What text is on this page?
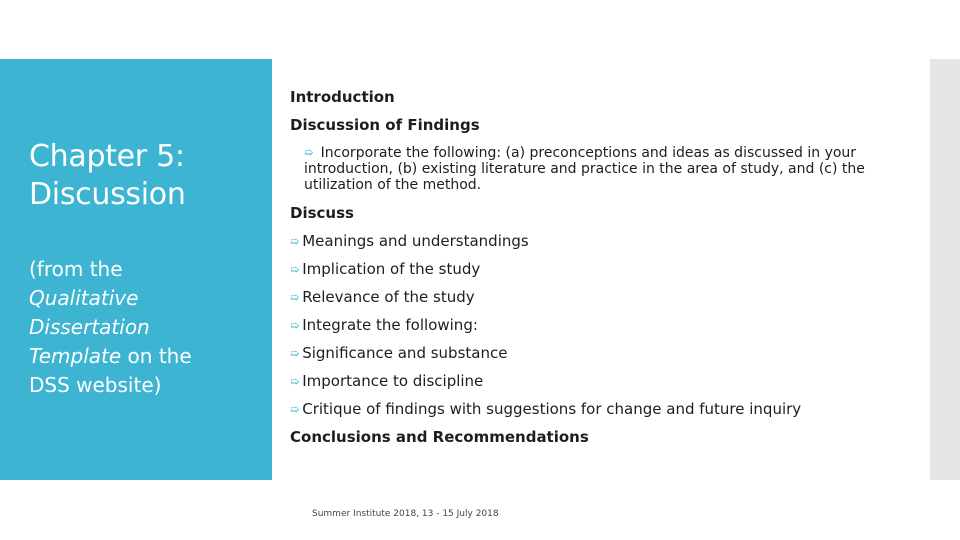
Chapter 5:
Discussion

(from the
Qualitative
Dissertation
Template on the
DSS website)

Introduction
Discussion of Findings
➯ Incorporate the following: (a) preconceptions and ideas as discussed in your introduction, (b) existing literature and practice in the area of study, and (c) the utilization of the method.
Discuss
➯ Meanings and understandings
➯ Implication of the study
➯ Relevance of the study
➯ Integrate the following:
➯ Significance and substance
➯ Importance to discipline
➯ Critique of findings with suggestions for change and future inquiry
Conclusions and Recommendations
Summer Institute 2018, 13 - 15 July 2018
